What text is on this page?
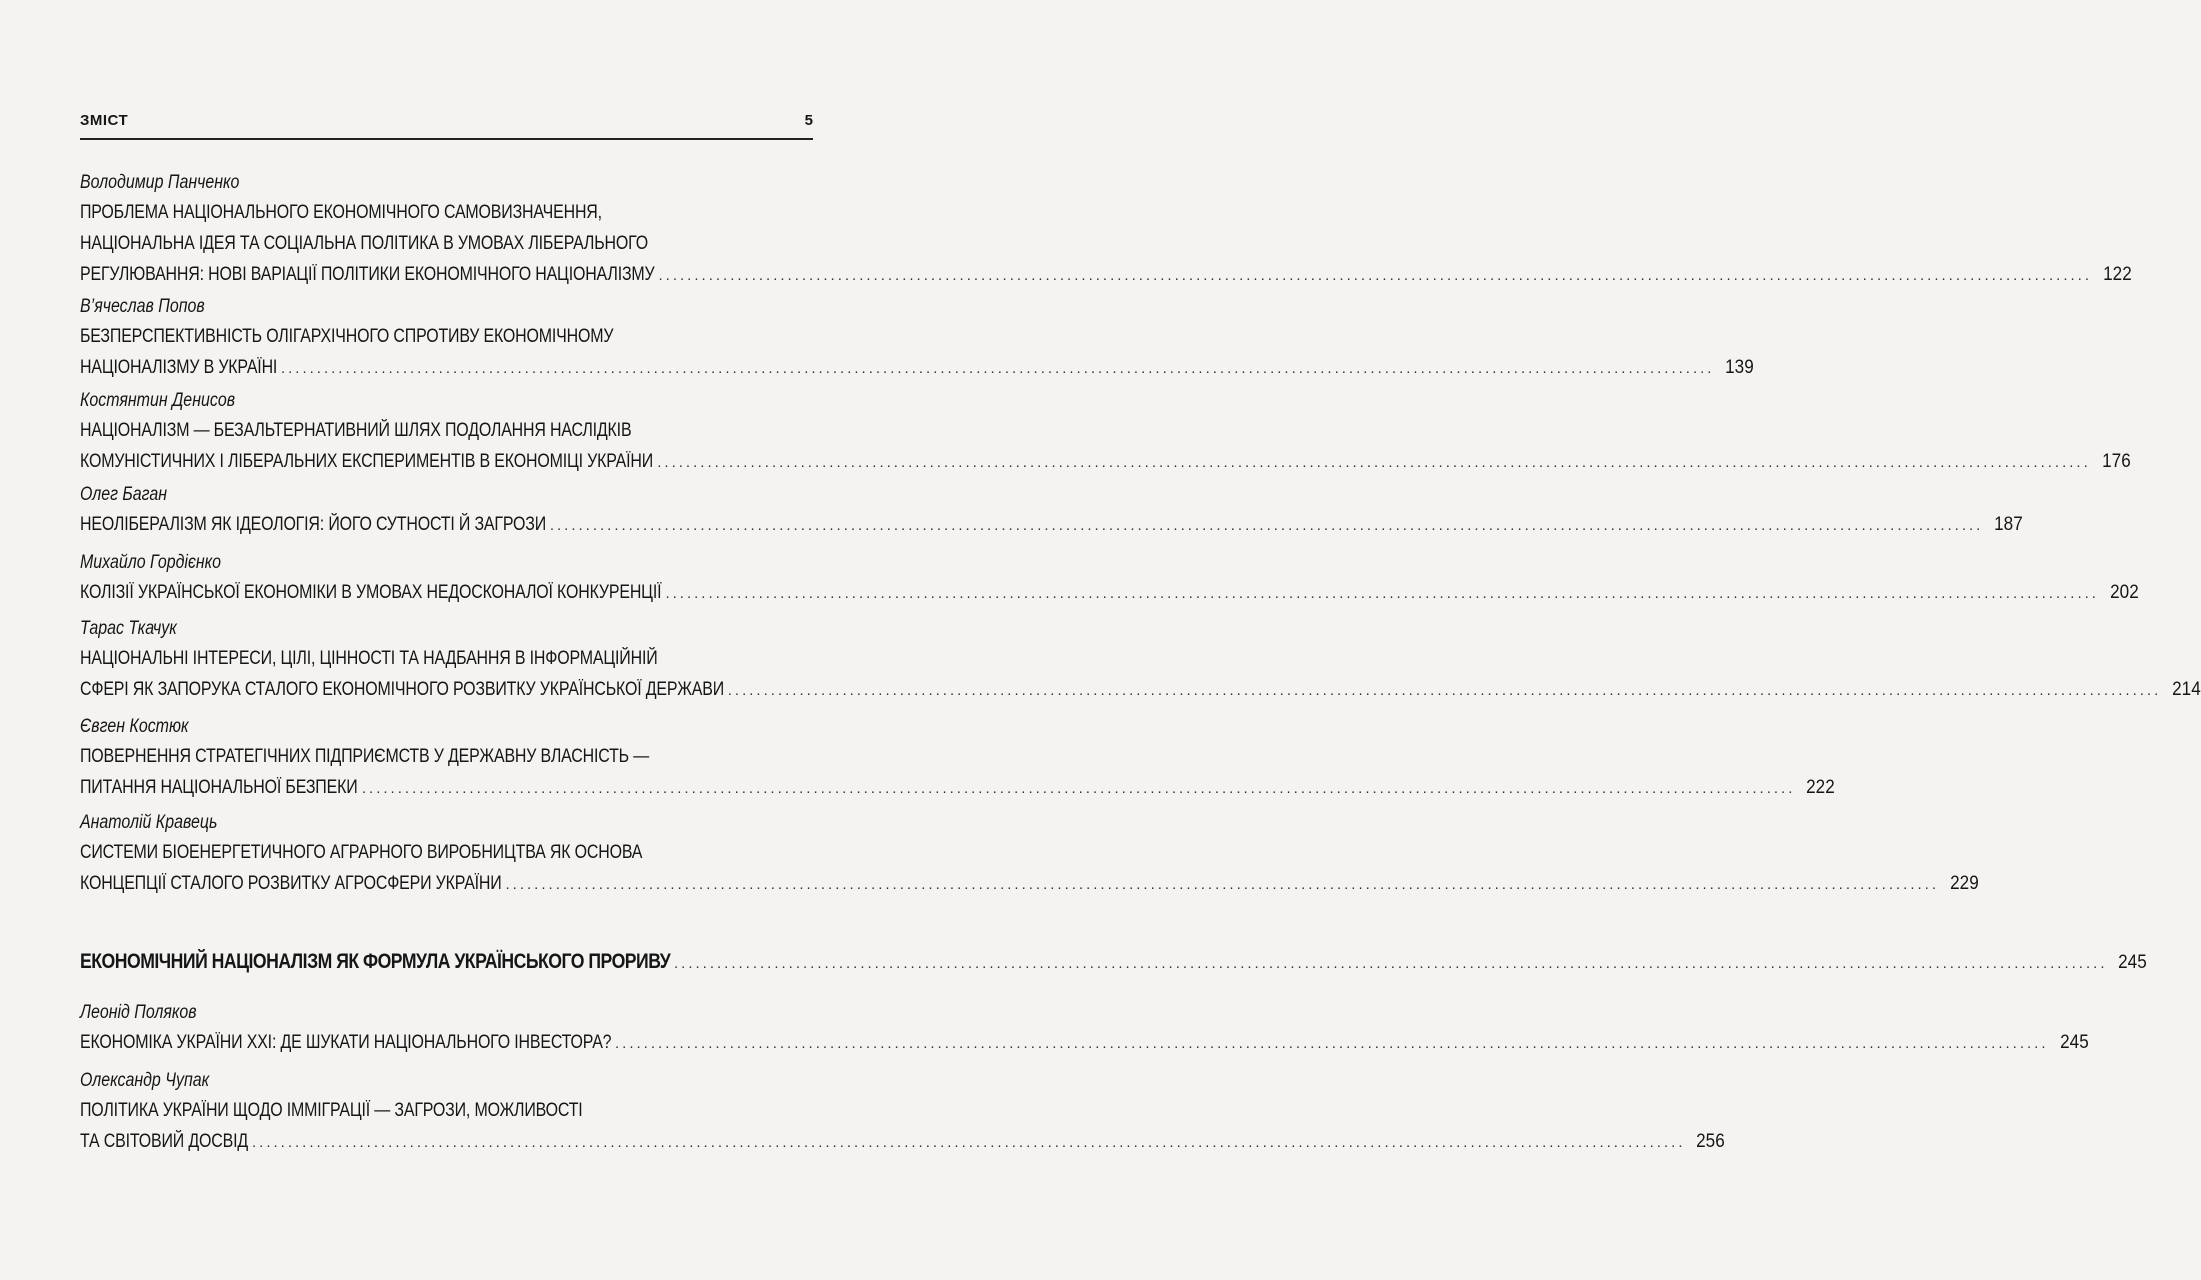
ЗМІСТ	5
Володимир Панченко
ПРОБЛЕМА НАЦІОНАЛЬНОГО ЕКОНОМІЧНОГО САМОВИЗНАЧЕННЯ,
НАЦІОНАЛЬНА ІДЕЯ ТА СОЦІАЛЬНА ПОЛІТИКА В УМОВАХ ЛІБЕРАЛЬНОГО
РЕГУЛЮВАННЯ: НОВІ ВАРІАЦІЇ ПОЛІТИКИ ЕКОНОМІЧНОГО НАЦІОНАЛІЗМУ ........................................................................................................................................................................................................ 122
В’ячеслав Попов
БЕЗПЕРСПЕКТИВНІСТЬ ОЛІГАРХІЧНОГО СПРОТИВУ ЕКОНОМІЧНОМУ
НАЦІОНАЛІЗМУ В УКРАЇНІ ........................................................................................................................................................................................................ 139
Костянтин Денисов
НАЦІОНАЛІЗМ — БЕЗАЛЬТЕРНАТИВНИЙ ШЛЯХ ПОДОЛАННЯ НАСЛІДКІВ
КОМУНІСТИЧНИХ І ЛІБЕРАЛЬНИХ ЕКСПЕРИМЕНТІВ В ЕКОНОМІЦІ УКРАЇНИ ........................................................................................................................................................................................................ 176
Олег Баган
НЕОЛІБЕРАЛІЗМ ЯК ІДЕОЛОГІЯ: ЙОГО СУТНОСТІ Й ЗАГРОЗИ ........................................................................................................................................................................................................ 187
Михайло Гордієнко
КОЛІЗІЇ УКРАЇНСЬКОЇ ЕКОНОМІКИ В УМОВАХ НЕДОСКОНАЛОЇ КОНКУРЕНЦІЇ ........................................................................................................................................................................................................ 202
Тарас Ткачук
НАЦІОНАЛЬНІ ІНТЕРЕСИ, ЦІЛІ, ЦІННОСТІ ТА НАДБАННЯ В ІНФОРМАЦІЙНІЙ
СФЕРІ ЯК ЗАПОРУКА СТАЛОГО ЕКОНОМІЧНОГО РОЗВИТКУ УКРАЇНСЬКОЇ ДЕРЖАВИ ........................................................................................................................................................................................................ 214
Євген Костюк
ПОВЕРНЕННЯ СТРАТЕГІЧНИХ ПІДПРИЄМСТВ У ДЕРЖАВНУ ВЛАСНІСТЬ —
ПИТАННЯ НАЦІОНАЛЬНОЇ БЕЗПЕКИ ........................................................................................................................................................................................................ 222
Анатолій Кравець
СИСТЕМИ БІОЕНЕРГЕТИЧНОГО АГРАРНОГО ВИРОБНИЦТВА ЯК ОСНОВА
КОНЦЕПЦІЇ СТАЛОГО РОЗВИТКУ АГРОСФЕРИ УКРАЇНИ ........................................................................................................................................................................................................ 229
ЕКОНОМІЧНИЙ НАЦІОНАЛІЗМ ЯК ФОРМУЛА УКРАЇНСЬКОГО ПРОРИВУ ........................................................................................................................................................................................................ 245
Леонід Поляков
ЕКОНОМІКА УКРАЇНИ XXI: ДЕ ШУКАТИ НАЦІОНАЛЬНОГО ІНВЕСТОРА? ........................................................................................................................................................................................................ 245
Олександр Чупак
ПОЛІТИКА УКРАЇНИ ЩОДО ІММІГРАЦІЇ — ЗАГРОЗИ, МОЖЛИВОСТІ
ТА СВІТОВИЙ ДОСВІД ........................................................................................................................................................................................................ 256
